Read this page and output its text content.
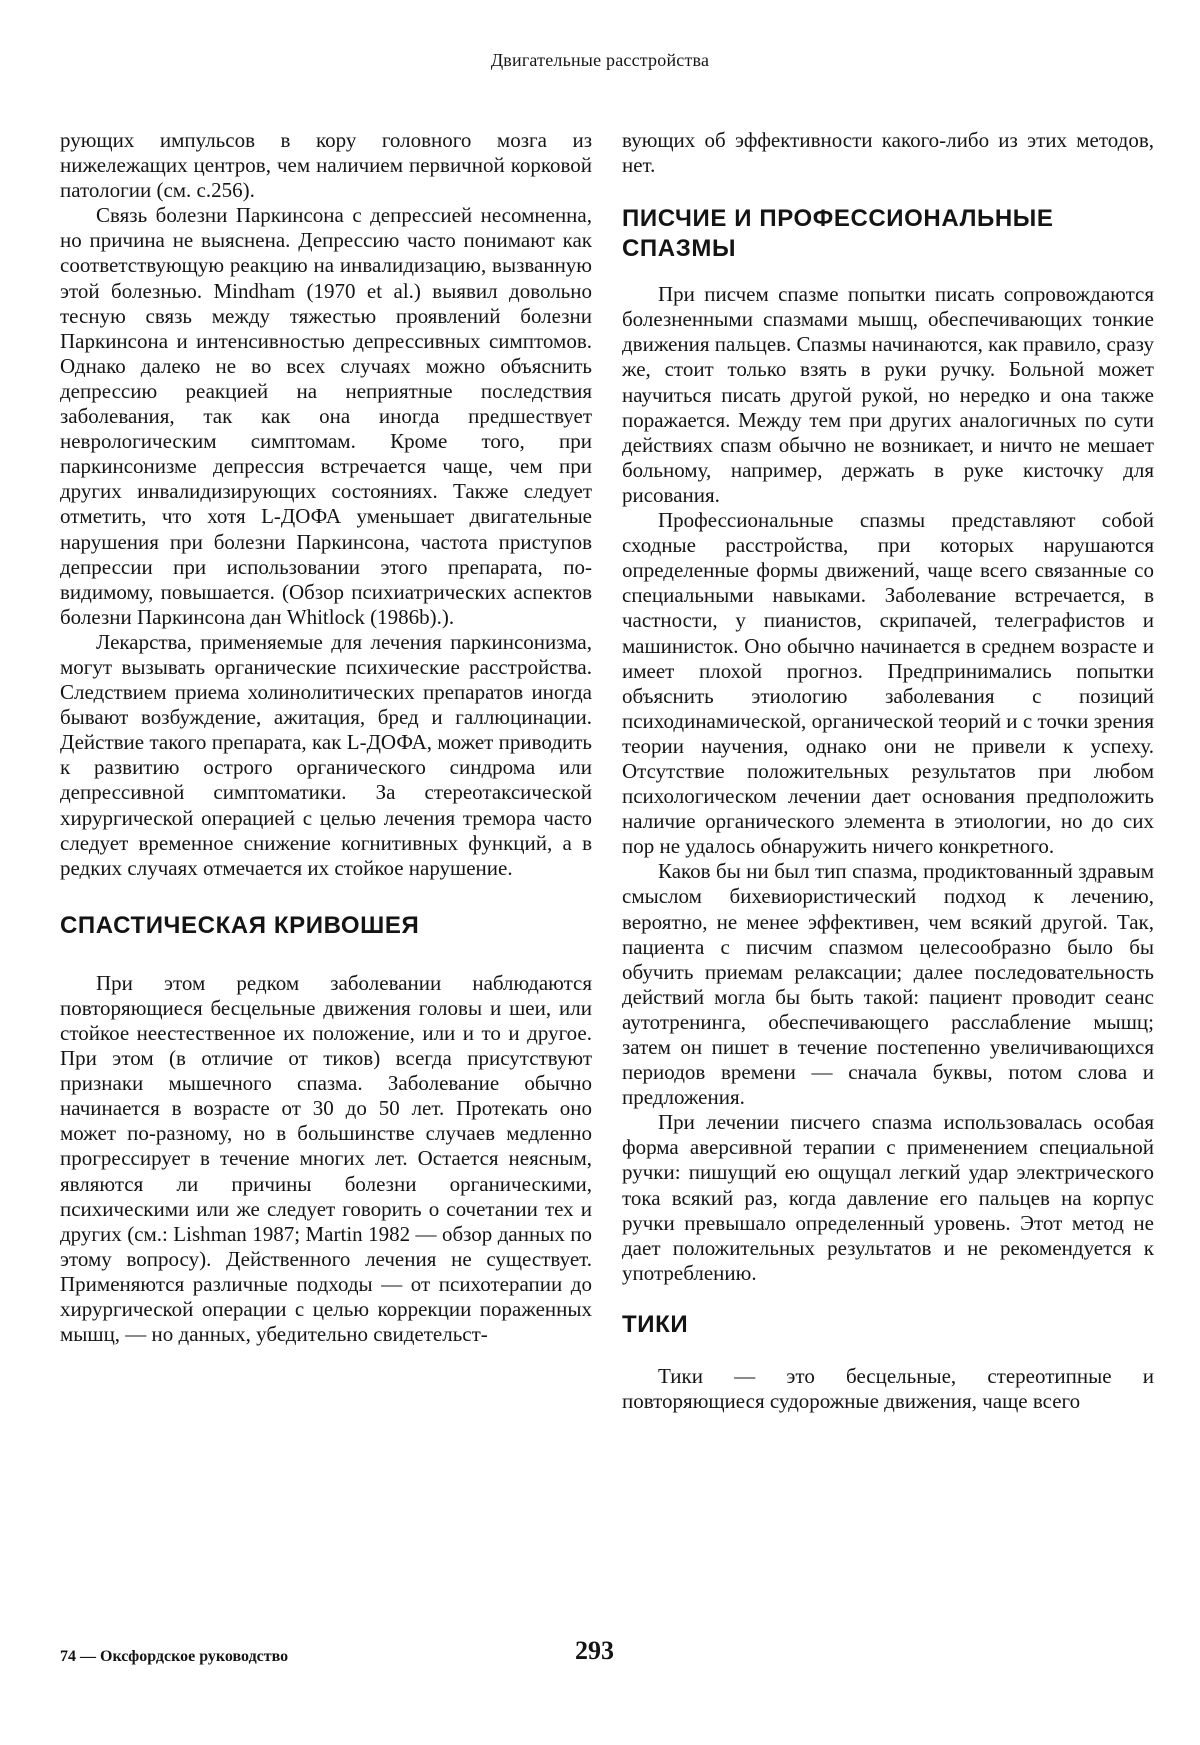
Двигательные расстройства

рующих импульсов в кору головного мозга из нижележащих центров, чем наличием первичной корковой патологии (см. с.256).

Связь болезни Паркинсона с депрессией несомненна, но причина не выяснена. Депрессию часто понимают как соответствующую реакцию на инвалидизацию, вызванную этой болезнью. Mindham (1970 et al.) выявил довольно тесную связь между тяжестью проявлений болезни Паркинсона и интенсивностью депрессивных симптомов. Однако далеко не во всех случаях можно объяснить депрессию реакцией на неприятные последствия заболевания, так как она иногда предшествует неврологическим симптомам. Кроме того, при паркинсонизме депрессия встречается чаще, чем при других инвалидизирующих состояниях. Также следует отметить, что хотя L-ДОФА уменьшает двигательные нарушения при болезни Паркинсона, частота приступов депрессии при использовании этого препарата, по-видимому, повышается. (Обзор психиатрических аспектов болезни Паркинсона дан Whitlock (1986b).).

Лекарства, применяемые для лечения паркинсонизма, могут вызывать органические психические расстройства. Следствием приема холинолитических препаратов иногда бывают возбуждение, ажитация, бред и галлюцинации. Действие такого препарата, как L-ДОФА, может приводить к развитию острого органического синдрома или депрессивной симптоматики. За стереотаксической хирургической операцией с целью лечения тремора часто следует временное снижение когнитивных функций, а в редких случаях отмечается их стойкое нарушение.

СПАСТИЧЕСКАЯ КРИВОШЕЯ

При этом редком заболевании наблюдаются повторяющиеся бесцельные движения головы и шеи, или стойкое неестественное их положение, или и то и другое. При этом (в отличие от тиков) всегда присутствуют признаки мышечного спазма. Заболевание обычно начинается в возрасте от 30 до 50 лет. Протекать оно может по-разному, но в большинстве случаев медленно прогрессирует в течение многих лет. Остается неясным, являются ли причины болезни органическими, психическими или же следует говорить о сочетании тех и других (см.: Lishman 1987; Martin 1982 — обзор данных по этому вопросу). Действенного лечения не существует. Применяются различные подходы — от психотерапии до хирургической операции с целью коррекции пораженных мышц, — но данных, убедительно свидетельст-

вующих об эффективности какого-либо из этих методов, нет.

ПИСЧИЕ И ПРОФЕССИОНАЛЬНЫЕ СПАЗМЫ

При писчем спазме попытки писать сопровождаются болезненными спазмами мышц, обеспечивающих тонкие движения пальцев. Спазмы начинаются, как правило, сразу же, стоит только взять в руки ручку. Больной может научиться писать другой рукой, но нередко и она также поражается. Между тем при других аналогичных по сути действиях спазм обычно не возникает, и ничто не мешает больному, например, держать в руке кисточку для рисования.

Профессиональные спазмы представляют собой сходные расстройства, при которых нарушаются определенные формы движений, чаще всего связанные со специальными навыками. Заболевание встречается, в частности, у пианистов, скрипачей, телеграфистов и машинисток. Оно обычно начинается в среднем возрасте и имеет плохой прогноз. Предпринимались попытки объяснить этиологию заболевания с позиций психодинамической, органической теорий и с точки зрения теории научения, однако они не привели к успеху. Отсутствие положительных результатов при любом психологическом лечении дает основания предположить наличие органического элемента в этиологии, но до сих пор не удалось обнаружить ничего конкретного.

Каков бы ни был тип спазма, продиктованный здравым смыслом бихевиористический подход к лечению, вероятно, не менее эффективен, чем всякий другой. Так, пациента с писчим спазмом целесообразно было бы обучить приемам релаксации; далее последовательность действий могла бы быть такой: пациент проводит сеанс аутотренинга, обеспечивающего расслабление мышц; затем он пишет в течение постепенно увеличивающихся периодов времени — сначала буквы, потом слова и предложения.

При лечении писчего спазма использовалась особая форма аверсивной терапии с применением специальной ручки: пишущий ею ощущал легкий удар электрического тока всякий раз, когда давление его пальцев на корпус ручки превышало определенный уровень. Этот метод не дает положительных результатов и не рекомендуется к употреблению.

ТИКИ

Тики — это бесцельные, стереотипные и повторяющиеся судорожные движения, чаще всего

74 — Оксфордское руководство	293
